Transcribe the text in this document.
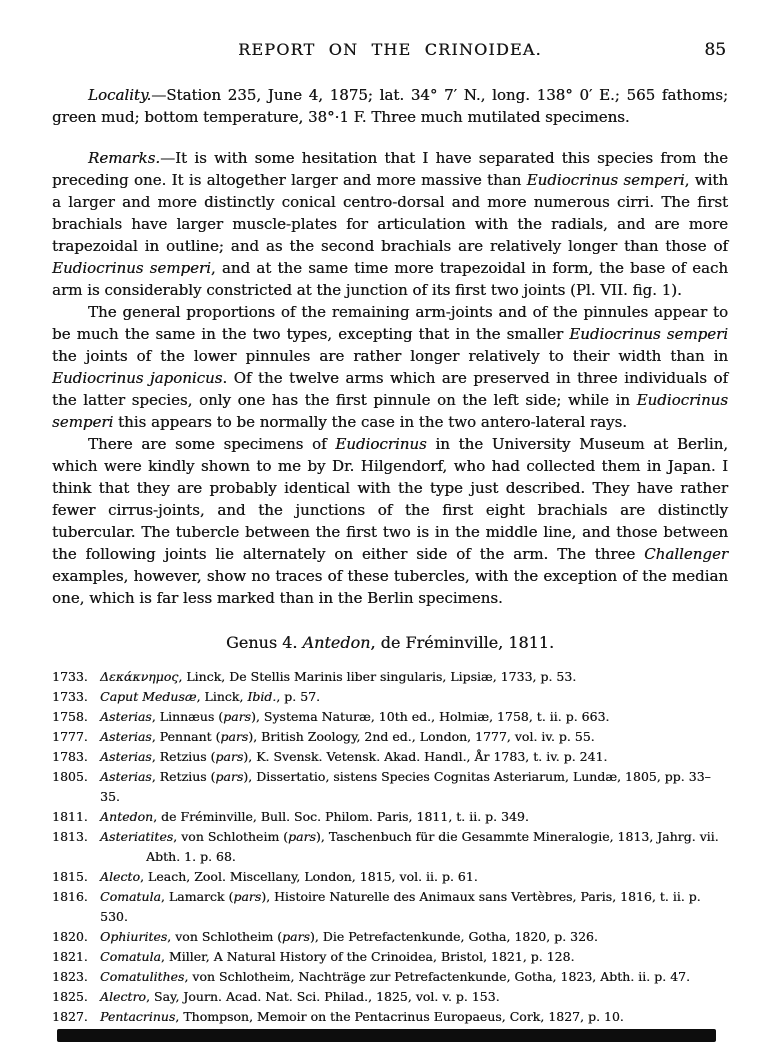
REPORT ON THE CRINOIDEA.	85

Locality.—Station 235, June 4, 1875; lat. 34° 7′ N., long. 138° 0′ E.; 565 fathoms; green mud; bottom temperature, 38°·1 F. Three much mutilated specimens.

Remarks.—It is with some hesitation that I have separated this species from the preceding one. It is altogether larger and more massive than Eudiocrinus semperi, with a larger and more distinctly conical centro-dorsal and more numerous cirri. The first brachials have larger muscle-plates for articulation with the radials, and are more trapezoidal in outline; and as the second brachials are relatively longer than those of Eudiocrinus semperi, and at the same time more trapezoidal in form, the base of each arm is considerably constricted at the junction of its first two joints (Pl. VII. fig. 1).

The general proportions of the remaining arm-joints and of the pinnules appear to be much the same in the two types, excepting that in the smaller Eudiocrinus semperi the joints of the lower pinnules are rather longer relatively to their width than in Eudiocrinus japonicus. Of the twelve arms which are preserved in three individuals of the latter species, only one has the first pinnule on the left side; while in Eudiocrinus semperi this appears to be normally the case in the two antero-lateral rays.

There are some specimens of Eudiocrinus in the University Museum at Berlin, which were kindly shown to me by Dr. Hilgendorf, who had collected them in Japan. I think that they are probably identical with the type just described. They have rather fewer cirrus-joints, and the junctions of the first eight brachials are distinctly tubercular. The tubercle between the first two is in the middle line, and those between the following joints lie alternately on either side of the arm. The three Challenger examples, however, show no traces of these tubercles, with the exception of the median one, which is far less marked than in the Berlin specimens.

Genus 4. Antedon, de Fréminville, 1811.
1733. Δεκάκνημος, Linck, De Stellis Marinis liber singularis, Lipsiæ, 1733, p. 53.
1733. Caput Medusæ, Linck, Ibid., p. 57.
1758. Asterias, Linnæus (pars), Systema Naturæ, 10th ed., Holmiæ, 1758, t. ii. p. 663.
1777. Asterias, Pennant (pars), British Zoology, 2nd ed., London, 1777, vol. iv. p. 55.
1783. Asterias, Retzius (pars), K. Svensk. Vetensk. Akad. Handl., År 1783, t. iv. p. 241.
1805. Asterias, Retzius (pars), Dissertatio, sistens Species Cognitas Asteriarum, Lundæ, 1805, pp. 33–35.
1811. Antedon, de Fréminville, Bull. Soc. Philom. Paris, 1811, t. ii. p. 349.
1813. Asteriatites, von Schlotheim (pars), Taschenbuch für die Gesammte Mineralogie, 1813, Jahrg. vii.
Abth. 1. p. 68.
1815. Alecto, Leach, Zool. Miscellany, London, 1815, vol. ii. p. 61.
1816. Comatula, Lamarck (pars), Histoire Naturelle des Animaux sans Vertèbres, Paris, 1816, t. ii. p. 530.
1820. Ophiurites, von Schlotheim (pars), Die Petrefactenkunde, Gotha, 1820, p. 326.
1821. Comatula, Miller, A Natural History of the Crinoidea, Bristol, 1821, p. 128.
1823. Comatulithes, von Schlotheim, Nachträge zur Petrefactenkunde, Gotha, 1823, Abth. ii. p. 47.
1825. Alectro, Say, Journ. Acad. Nat. Sci. Philad., 1825, vol. v. p. 153.
1827. Pentacrinus, Thompson, Memoir on the Pentacrinus Europaeus, Cork, 1827, p. 10.
